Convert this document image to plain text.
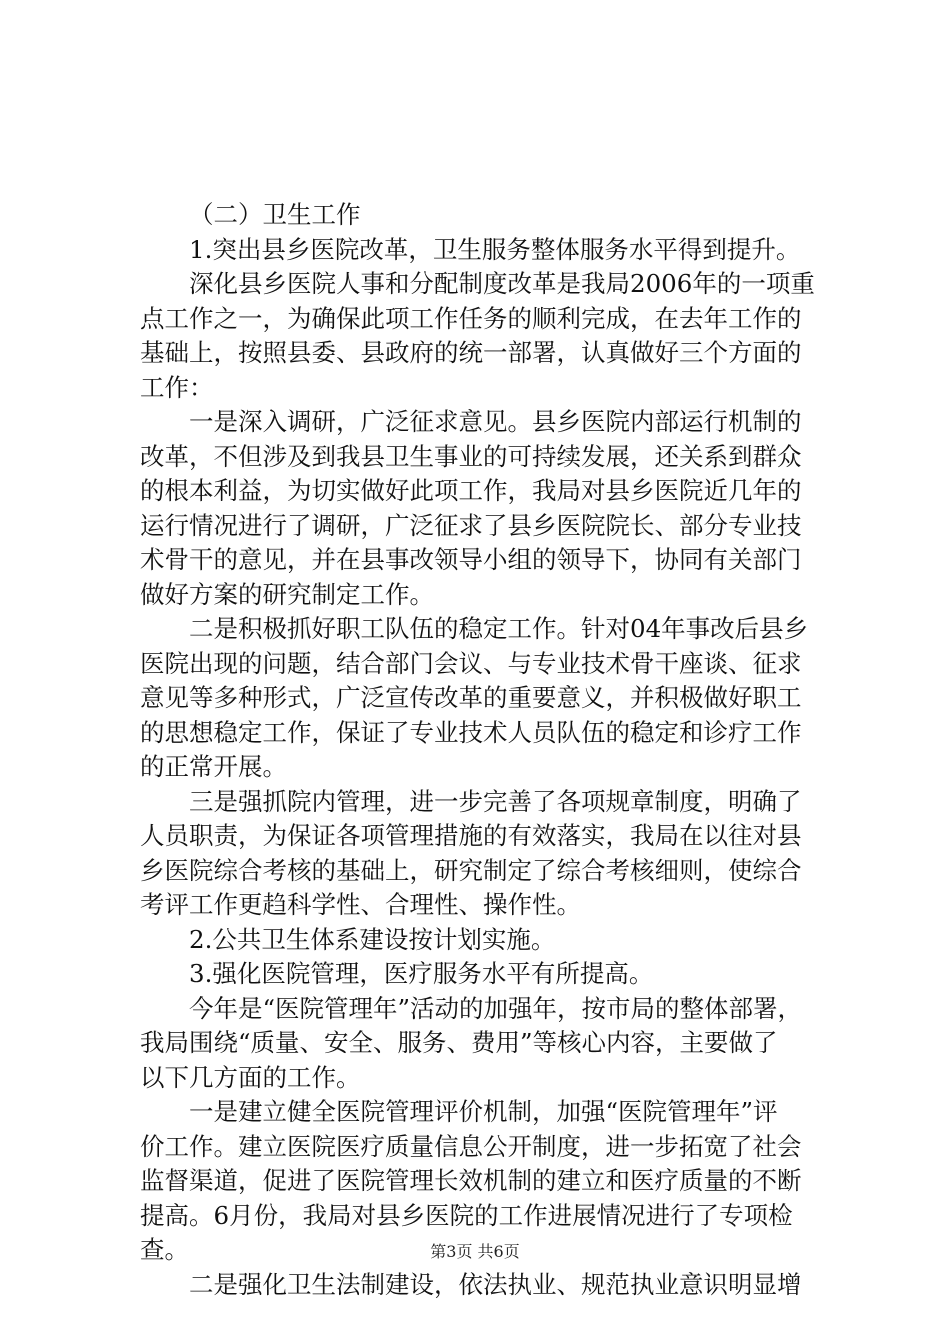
（二）卫生工作
1.突出县乡医院改革，卫生服务整体服务水平得到提升。
深化县乡医院人事和分配制度改革是我局2006年的一项重
点工作之一，为确保此项工作任务的顺利完成，在去年工作的
基础上，按照县委、县政府的统一部署，认真做好三个方面的
工作：
一是深入调研，广泛征求意见。县乡医院内部运行机制的
改革，不但涉及到我县卫生事业的可持续发展，还关系到群众
的根本利益，为切实做好此项工作，我局对县乡医院近几年的
运行情况进行了调研，广泛征求了县乡医院院长、部分专业技
术骨干的意见，并在县事改领导小组的领导下，协同有关部门
做好方案的研究制定工作。
二是积极抓好职工队伍的稳定工作。针对04年事改后县乡
医院出现的问题，结合部门会议、与专业技术骨干座谈、征求
意见等多种形式，广泛宣传改革的重要意义，并积极做好职工
的思想稳定工作，保证了专业技术人员队伍的稳定和诊疗工作
的正常开展。
三是强抓院内管理，进一步完善了各项规章制度，明确了
人员职责，为保证各项管理措施的有效落实，我局在以往对县
乡医院综合考核的基础上，研究制定了综合考核细则，使综合
考评工作更趋科学性、合理性、操作性。
2.公共卫生体系建设按计划实施。
3.强化医院管理，医疗服务水平有所提高。
今年是“医院管理年”活动的加强年，按市局的整体部署，
我局围绕“质量、安全、服务、费用”等核心内容，主要做了
以下几方面的工作。
一是建立健全医院管理评价机制，加强“医院管理年”评
价工作。建立医院医疗质量信息公开制度，进一步拓宽了社会
监督渠道，促进了医院管理长效机制的建立和医疗质量的不断
提高。6月份，我局对县乡医院的工作进展情况进行了专项检
查。
二是强化卫生法制建设，依法执业、规范执业意识明显增
第3页 共6页
